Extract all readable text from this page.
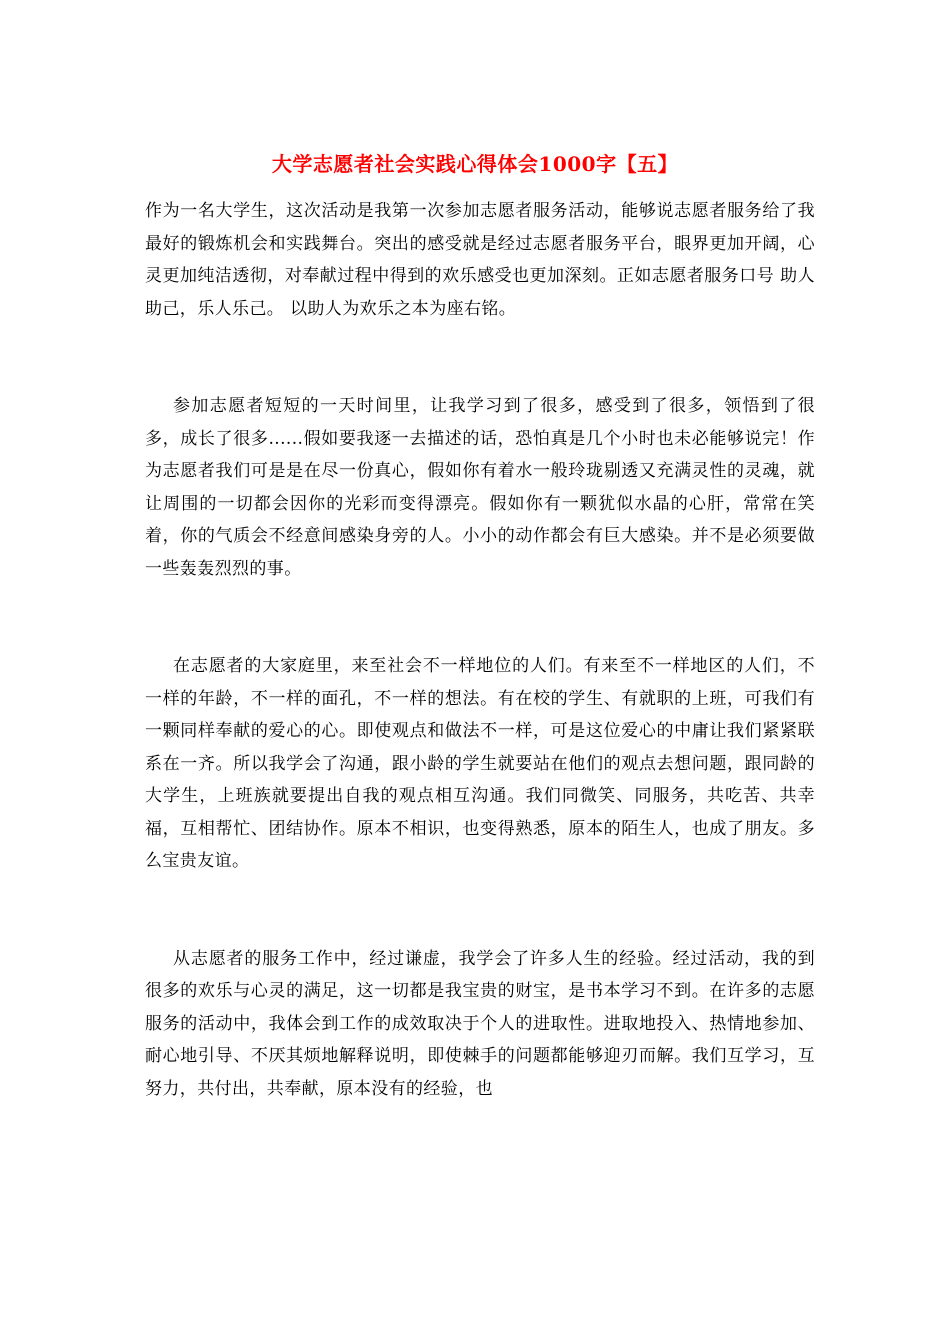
大学志愿者社会实践心得体会1000字【五】

作为一名大学生，这次活动是我第一次参加志愿者服务活动，能够说志愿者服务给了我最好的锻炼机会和实践舞台。突出的感受就是经过志愿者服务平台，眼界更加开阔，心灵更加纯洁透彻，对奉献过程中得到的欢乐感受也更加深刻。正如志愿者服务口号 助人助己，乐人乐己。 以助人为欢乐之本为座右铭。

参加志愿者短短的一天时间里，让我学习到了很多，感受到了很多，领悟到了很多，成长了很多......假如要我逐一去描述的话，恐怕真是几个小时也未必能够说完！作为志愿者我们可是是在尽一份真心，假如你有着水一般玲珑剔透又充满灵性的灵魂，就让周围的一切都会因你的光彩而变得漂亮。假如你有一颗犹似水晶的心肝，常常在笑着，你的气质会不经意间感染身旁的人。小小的动作都会有巨大感染。并不是必须要做一些轰轰烈烈的事。

在志愿者的大家庭里，来至社会不一样地位的人们。有来至不一样地区的人们，不一样的年龄，不一样的面孔，不一样的想法。有在校的学生、有就职的上班，可我们有一颗同样奉献的爱心的心。即使观点和做法不一样，可是这位爱心的中庸让我们紧紧联系在一齐。所以我学会了沟通，跟小龄的学生就要站在他们的观点去想问题，跟同龄的大学生，上班族就要提出自我的观点相互沟通。我们同微笑、同服务，共吃苦、共幸福，互相帮忙、团结协作。原本不相识，也变得熟悉，原本的陌生人，也成了朋友。多么宝贵友谊。

从志愿者的服务工作中，经过谦虚，我学会了许多人生的经验。经过活动，我的到很多的欢乐与心灵的满足，这一切都是我宝贵的财宝，是书本学习不到。在许多的志愿服务的活动中，我体会到工作的成效取决于个人的进取性。进取地投入、热情地参加、耐心地引导、不厌其烦地解释说明，即使棘手的问题都能够迎刃而解。我们互学习，互努力，共付出，共奉献，原本没有的经验，也
